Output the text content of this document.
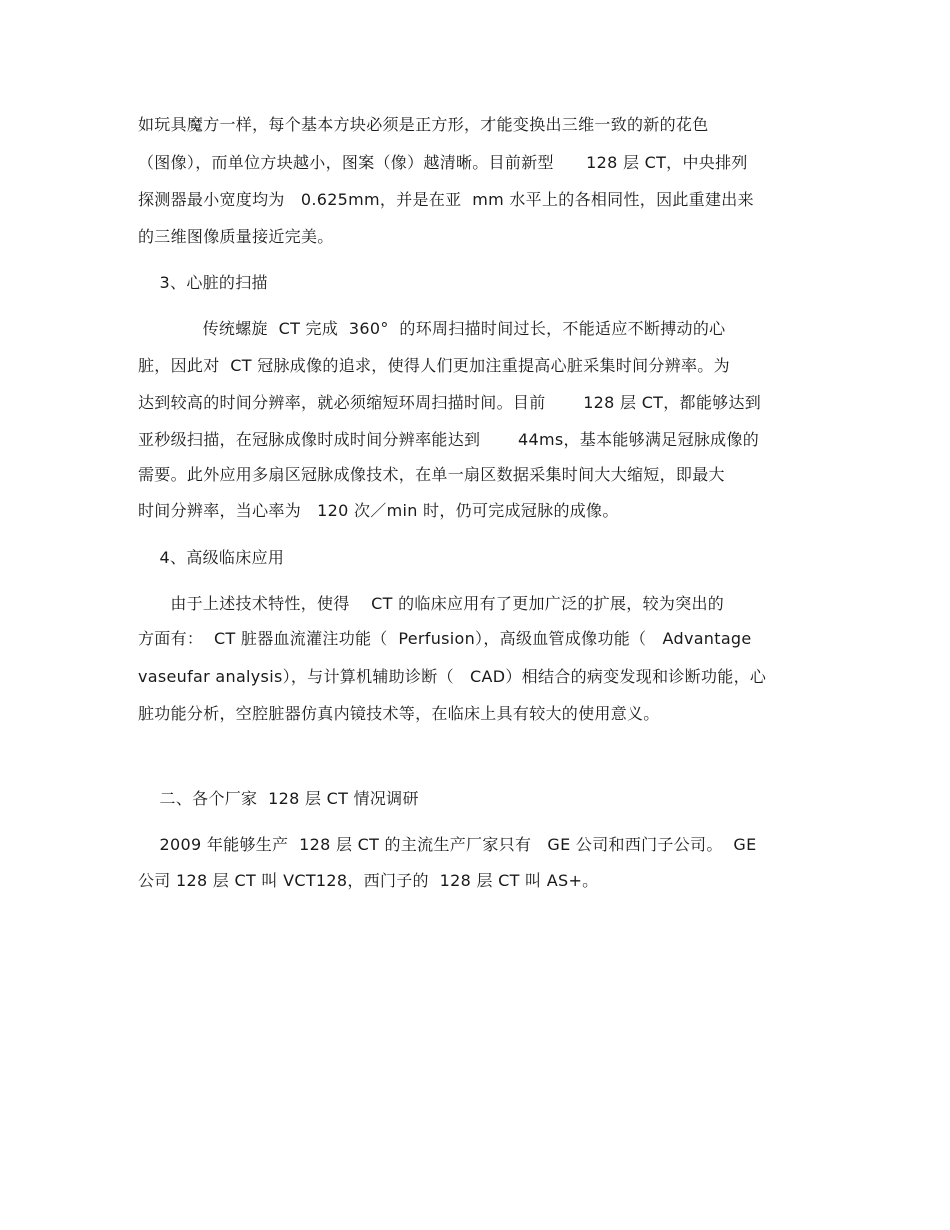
如玩具魔方一样，每个基本方块必须是正方形，才能变换出三维一致的新的花色
（图像），而单位方块越小，图案（像）越清晰。目前新型      128 层 CT，中央排列
探测器最小宽度均为   0.625mm，并是在亚  mm 水平上的各相同性，因此重建出来
的三维图像质量接近完美。
3、心脏的扫描
传统螺旋  CT 完成  360°  的环周扫描时间过长，不能适应不断搏动的心
脏，因此对  CT 冠脉成像的追求，使得人们更加注重提高心脏采集时间分辨率。为
达到较高的时间分辨率，就必须缩短环周扫描时间。目前       128 层 CT，都能够达到
亚秒级扫描，在冠脉成像时成时间分辨率能达到       44ms，基本能够满足冠脉成像的
需要。此外应用多扇区冠脉成像技术，在单一扇区数据采集时间大大缩短，即最大
时间分辨率，当心率为   120 次／min 时，仍可完成冠脉的成像。
4、高级临床应用
由于上述技术特性，使得    CT 的临床应用有了更加广泛的扩展，较为突出的
方面有：  CT 脏器血流灌注功能（  Perfusion），高级血管成像功能（   Advantage
vaseufar analysis），与计算机辅助诊断（   CAD）相结合的病变发现和诊断功能，心
脏功能分析，空腔脏器仿真内镜技术等，在临床上具有较大的使用意义。
二、各个厂家  128 层 CT 情况调研
2009 年能够生产  128 层 CT 的主流生产厂家只有   GE 公司和西门子公司。  GE
公司 128 层 CT 叫 VCT128，西门子的  128 层 CT 叫 AS+。
